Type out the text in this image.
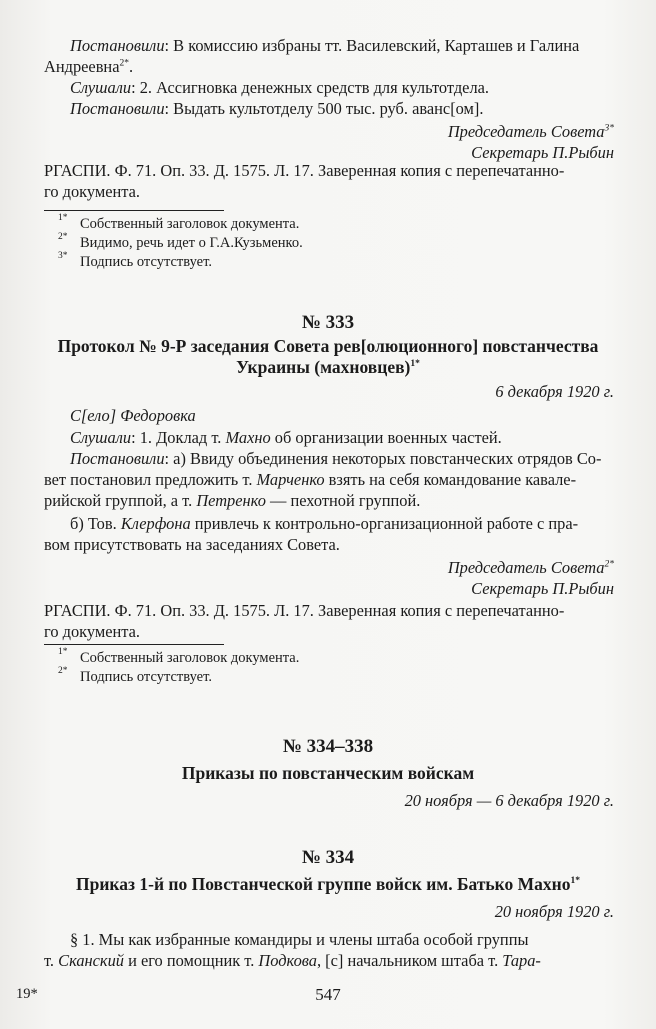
Постановили: В комиссию избраны тт. Василевский, Карташев и Галина
Андреевна$^{2*}$.
Слушали: 2. Ассигновка денежных средств для культотдела.
Постановили: Выдать культотделу 500 тыс. руб. аванс[ом].
Председатель Совета$^{3*}$
Секретарь П.Рыбин
РГАСПИ. Ф. 71. Оп. 33. Д. 1575. Л. 17. Заверенная копия с перепечатанно-
го документа.
1* Собственный заголовок документа.
2* Видимо, речь идет о Г.А.Кузьменко.
3* Подпись отсутствует.
№ 333
Протокол № 9-Р заседания Совета рев[олюционного] повстанчества
Украины (махновцев)$^{1*}$
6 декабря 1920 г.
С[ело] Федоровка
Слушали: 1. Доклад т. Махно об организации военных частей.
Постановили: а) Ввиду объединения некоторых повстанческих отрядов Со-
вет постановил предложить т. Марченко взять на себя командование кавале-
рийской группой, а т. Петренко — пехотной группой.
б) Тов. Клерфона привлечь к контрольно-организационной работе с пра-
вом присутствовать на заседаниях Совета.
Председатель Совета$^{2*}$
Секретарь П.Рыбин
РГАСПИ. Ф. 71. Оп. 33. Д. 1575. Л. 17. Заверенная копия с перепечатанно-
го документа.
1* Собственный заголовок документа.
2* Подпись отсутствует.
№ 334–338
Приказы по повстанческим войскам
20 ноября — 6 декабря 1920 г.
№ 334
Приказ 1-й по Повстанческой группе войск им. Батько Махно$^{1*}$
20 ноября 1920 г.
§ 1. Мы как избранные командиры и члены штаба особой группы
т. Сканский и его помощник т. Подкова, [с] начальником штаба т. Тара-
19*	547
